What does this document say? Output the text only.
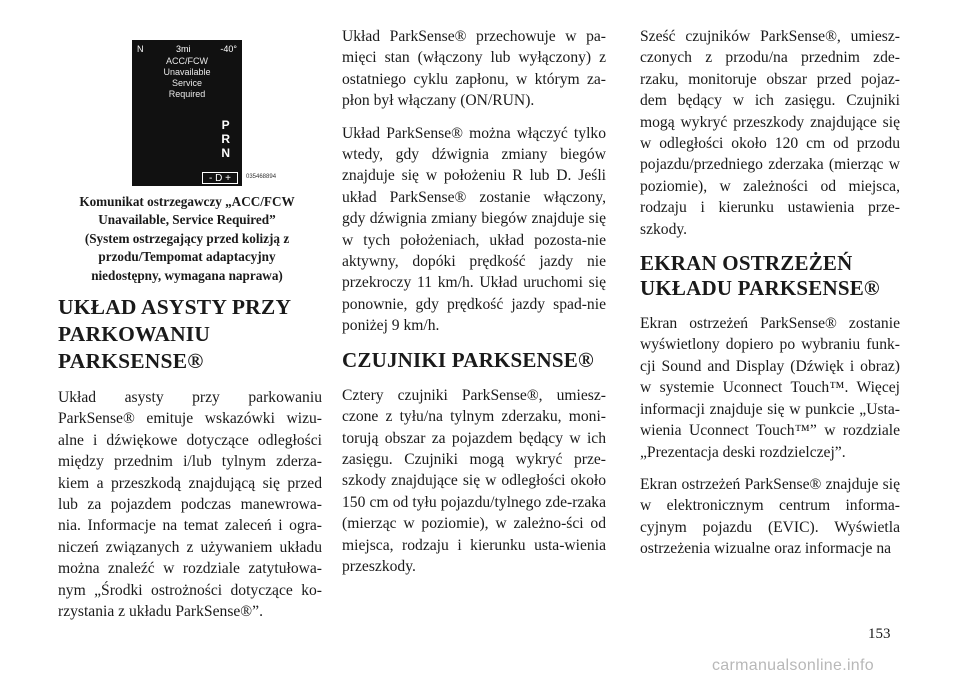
N	3mi	-40°
ACC/FCW
Unavailable
Service
Required
P
R
N
- D +	035468894
Komunikat ostrzegawczy „ACC/FCW
Unavailable, Service Required”
(System ostrzegający przed kolizją z
przodu/Tempomat adaptacyjny
niedostępny, wymagana naprawa)
UKŁAD ASYSTY PRZY PARKOWANIU PARKSENSE®

Układ asysty przy parkowaniu ParkSense® emituje wskazówki wizu-alne i dźwiękowe dotyczące odległości między przednim i/lub tylnym zderza-kiem a przeszkodą znajdującą się przed lub za pojazdem podczas manewrowa-nia. Informacje na temat zaleceń i ogra-niczeń związanych z używaniem układu można znaleźć w rozdziale zatytułowa-nym „Środki ostrożności dotyczące ko-rzystania z układu ParkSense®”.

Układ ParkSense® przechowuje w pa-mięci stan (włączony lub wyłączony) z ostatniego cyklu zapłonu, w którym za-płon był włączany (ON/RUN).

Układ ParkSense® można włączyć tylko wtedy, gdy dźwignia zmiany biegów znajduje się w położeniu R lub D. Jeśli układ ParkSense® zostanie włączony, gdy dźwignia zmiany biegów znajduje się w tych położeniach, układ pozosta-nie aktywny, dopóki prędkość jazdy nie przekroczy 11 km/h. Układ uruchomi się ponownie, gdy prędkość jazdy spad-nie poniżej 9 km/h.

CZUJNIKI PARKSENSE®

Cztery czujniki ParkSense®, umiesz-czone z tyłu/na tylnym zderzaku, moni-torują obszar za pojazdem będący w ich zasięgu. Czujniki mogą wykryć prze-szkody znajdujące się w odległości około 150 cm od tyłu pojazdu/tylnego zde-rzaka (mierząc w poziomie), w zależno-ści od miejsca, rodzaju i kierunku usta-wienia przeszkody.

Sześć czujników ParkSense®, umiesz-czonych z przodu/na przednim zde-rzaku, monitoruje obszar przed pojaz-dem będący w ich zasięgu. Czujniki mogą wykryć przeszkody znajdujące się w odległości około 120 cm od przodu pojazdu/przedniego zderzaka (mierząc w poziomie), w zależności od miejsca, rodzaju i kierunku ustawienia prze-szkody.

EKRAN OSTRZEŻEŃ UKŁADU PARKSENSE®

Ekran ostrzeżeń ParkSense® zostanie wyświetlony dopiero po wybraniu funk-cji Sound and Display (Dźwięk i obraz) w systemie Uconnect Touch™. Więcej informacji znajduje się w punkcie „Usta-wienia Uconnect Touch™” w rozdziale „Prezentacja deski rozdzielczej”.

Ekran ostrzeżeń ParkSense® znajduje się w elektronicznym centrum informa-cyjnym pojazdu (EVIC). Wyświetla ostrzeżenia wizualne oraz informacje na

153
carmanualsonline.info
